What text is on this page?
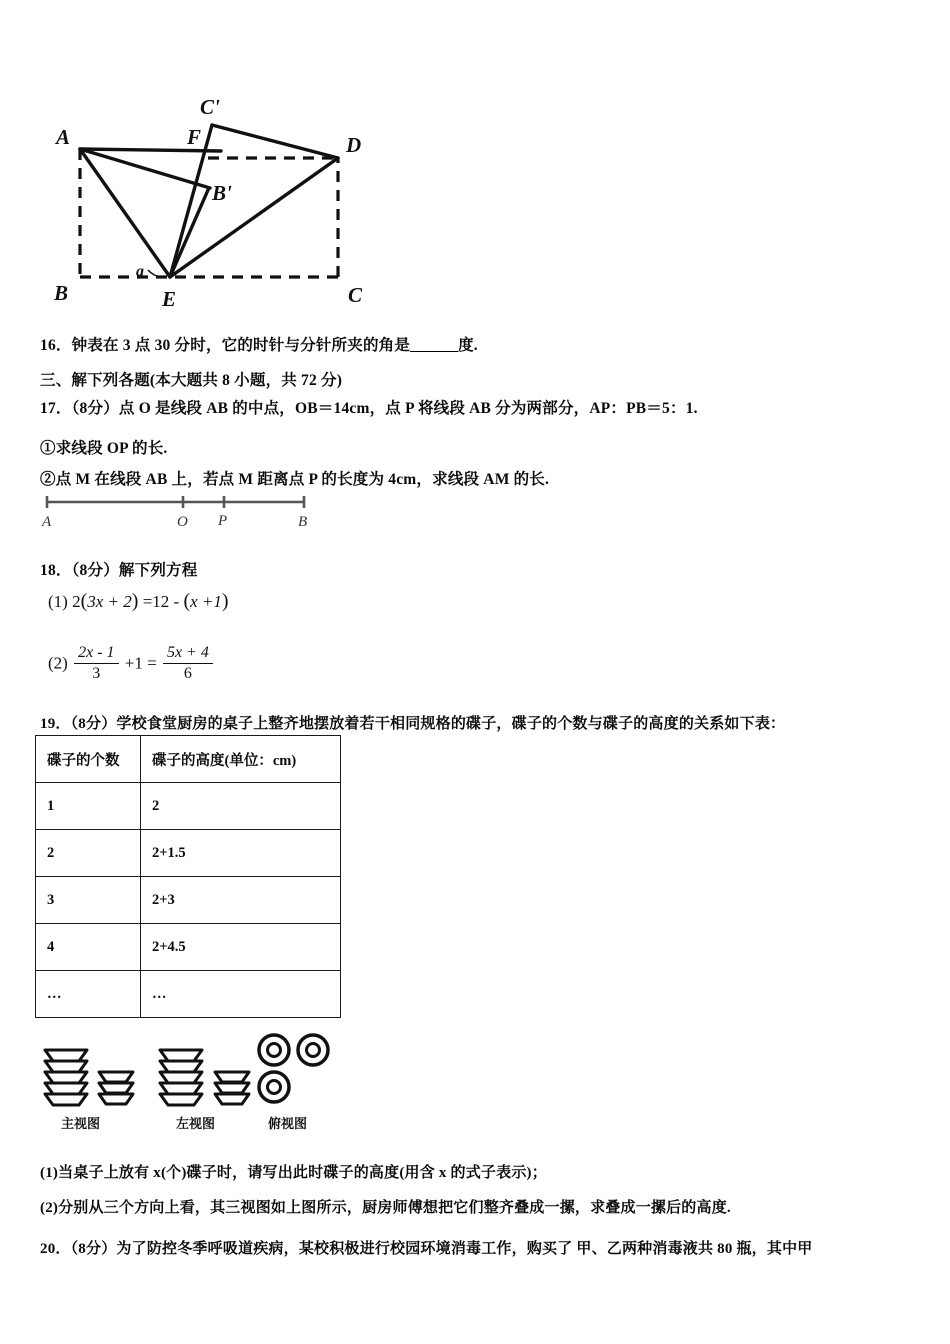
A
B	C
D
E
F
C'
B'
a
16．钟表在 3 点 30 分时，它的时针与分针所夹的角是	度.
三、解下列各题(本大题共 8 小题，共 72 分)
17．（8分）点 O 是线段 AB 的中点，OB＝14cm，点 P 将线段 AB 分为两部分，AP：PB＝5：1.
①求线段 OP 的长.
②点 M 在线段 AB 上，若点 M 距离点 P 的长度为 4cm，求线段 AM 的长.
A	O P	B
18．（8分）解下列方程
(1) 2(3x + 2) =12 - (x +1)
$(2) \frac{2x - 1}{3} +1 = \frac{5x + 4}{6}$
19．（8分）学校食堂厨房的桌子上整齐地摆放着若干相同规格的碟子，碟子的个数与碟子的高度的关系如下表：
碟子的个数	碟子的高度(单位：cm)
1	2
2	2+1.5
3	2+3
4	2+4.5
…	…
主视图	左视图	俯视图
(1)当桌子上放有 x(个)碟子时，请写出此时碟子的高度(用含 x 的式子表示)；
(2)分别从三个方向上看，其三视图如上图所示，厨房师傅想把它们整齐叠成一摞，求叠成一摞后的高度.
20．（8分）为了防控冬季呼吸道疾病，某校积极进行校园环境消毒工作，购买了 甲、乙两种消毒液共 80 瓶，其中甲
